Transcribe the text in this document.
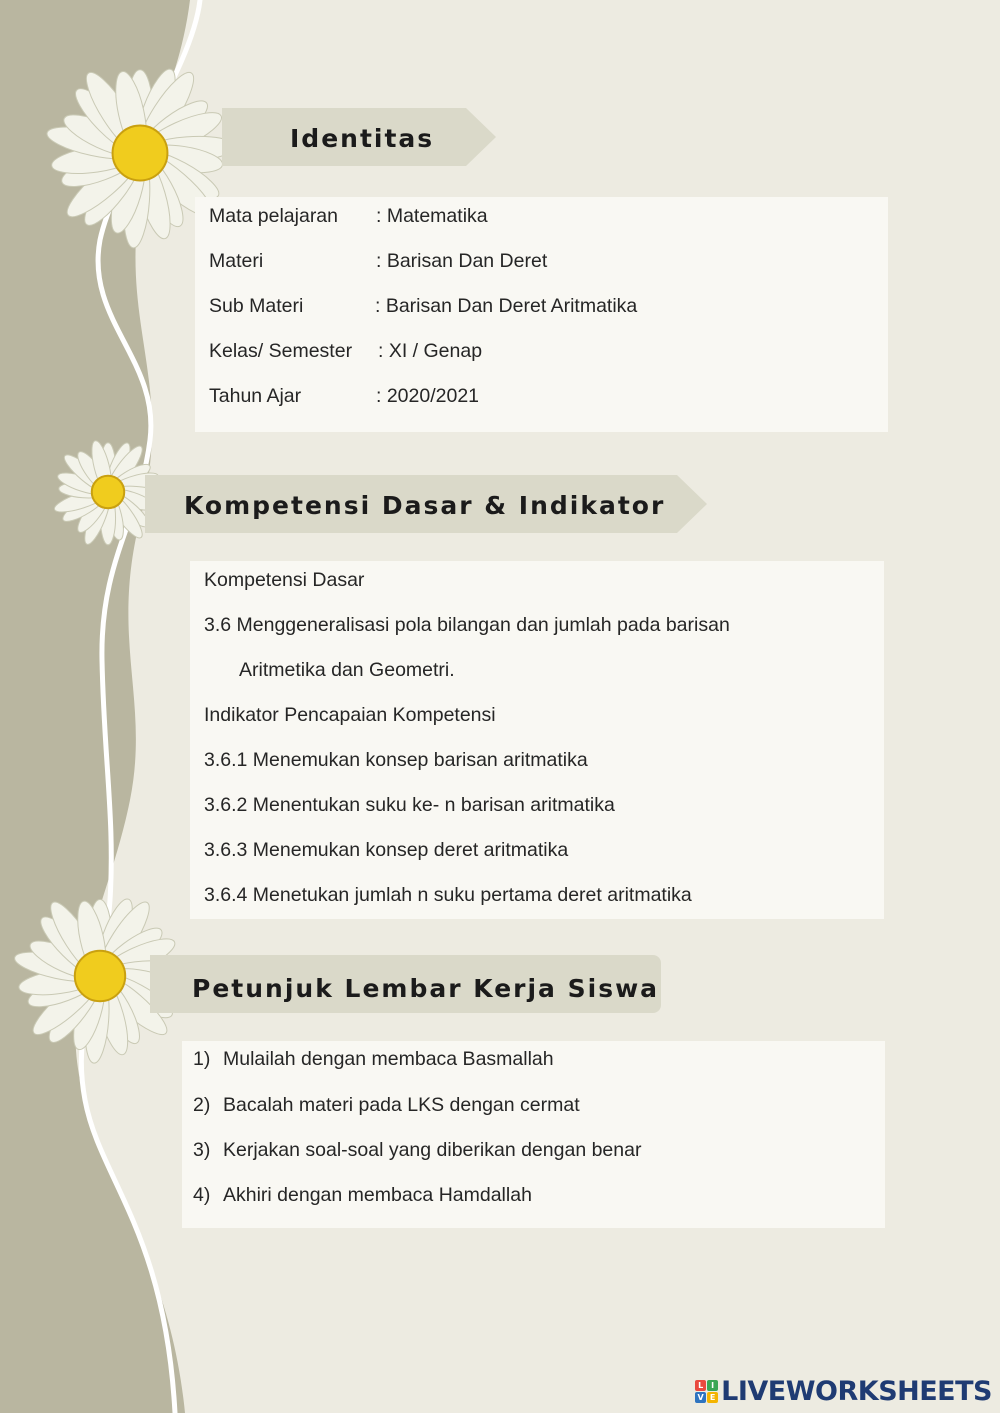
Identitas
Mata pelajaran : Matematika
Materi	: Barisan Dan Deret
Sub Materi	: Barisan Dan Deret Aritmatika
Kelas/ Semester : XI / Genap
Tahun Ajar	: 2020/2021
Kompetensi Dasar & Indikator
Kompetensi Dasar
3.6 Menggeneralisasi pola bilangan dan jumlah pada barisan
Aritmetika dan Geometri.
Indikator Pencapaian Kompetensi
3.6.1 Menemukan konsep barisan aritmatika
3.6.2 Menentukan suku ke- n barisan aritmatika
3.6.3 Menemukan konsep deret aritmatika
3.6.4 Menetukan jumlah n suku pertama deret aritmatika
Petunjuk Lembar Kerja Siswa
1) Mulailah dengan membaca Basmallah
2) Bacalah materi pada LKS dengan cermat
3) Kerjakan soal-soal yang diberikan dengan benar
4) Akhiri dengan membaca Hamdallah
L I
V E LIVEWORKSHEETS
